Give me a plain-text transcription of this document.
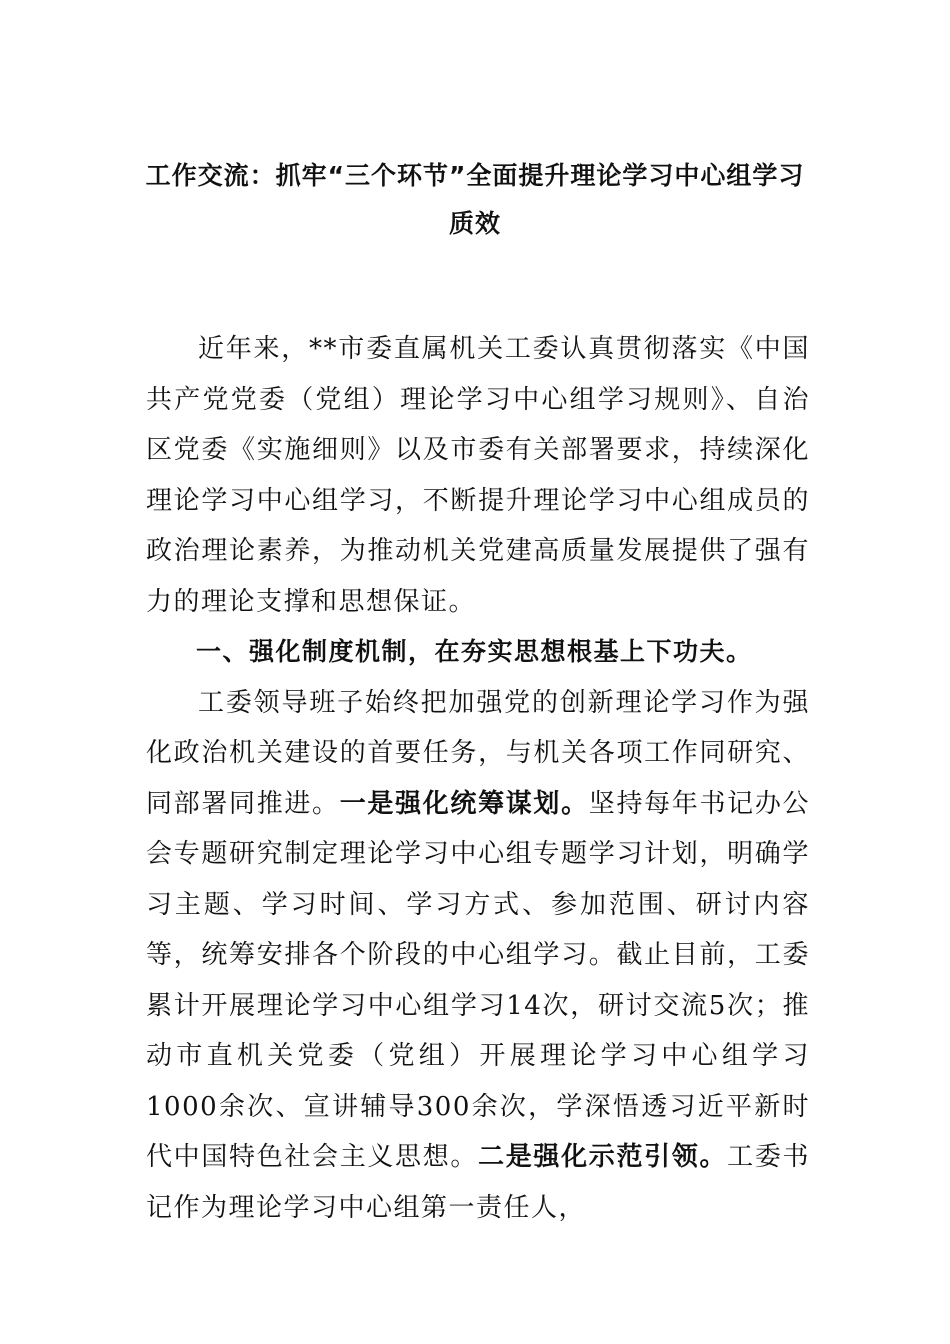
工作交流：抓牢“三个环节”全面提升理论学习中心组学习质效

近年来，**市委直属机关工委认真贯彻落实《中国共产党党委（党组）理论学习中心组学习规则》、自治区党委《实施细则》以及市委有关部署要求，持续深化理论学习中心组学习，不断提升理论学习中心组成员的政治理论素养，为推动机关党建高质量发展提供了强有力的理论支撑和思想保证。

一、强化制度机制，在夯实思想根基上下功夫。

工委领导班子始终把加强党的创新理论学习作为强化政治机关建设的首要任务，与机关各项工作同研究、同部署同推进。一是强化统筹谋划。坚持每年书记办公会专题研究制定理论学习中心组专题学习计划，明确学习主题、学习时间、学习方式、参加范围、研讨内容等，统筹安排各个阶段的中心组学习。截止目前，工委累计开展理论学习中心组学习14次，研讨交流5次；推动市直机关党委（党组）开展理论学习中心组学习1000余次、宣讲辅导300余次，学深悟透习近平新时代中国特色社会主义思想。二是强化示范引领。工委书记作为理论学习中心组第一责任人，
